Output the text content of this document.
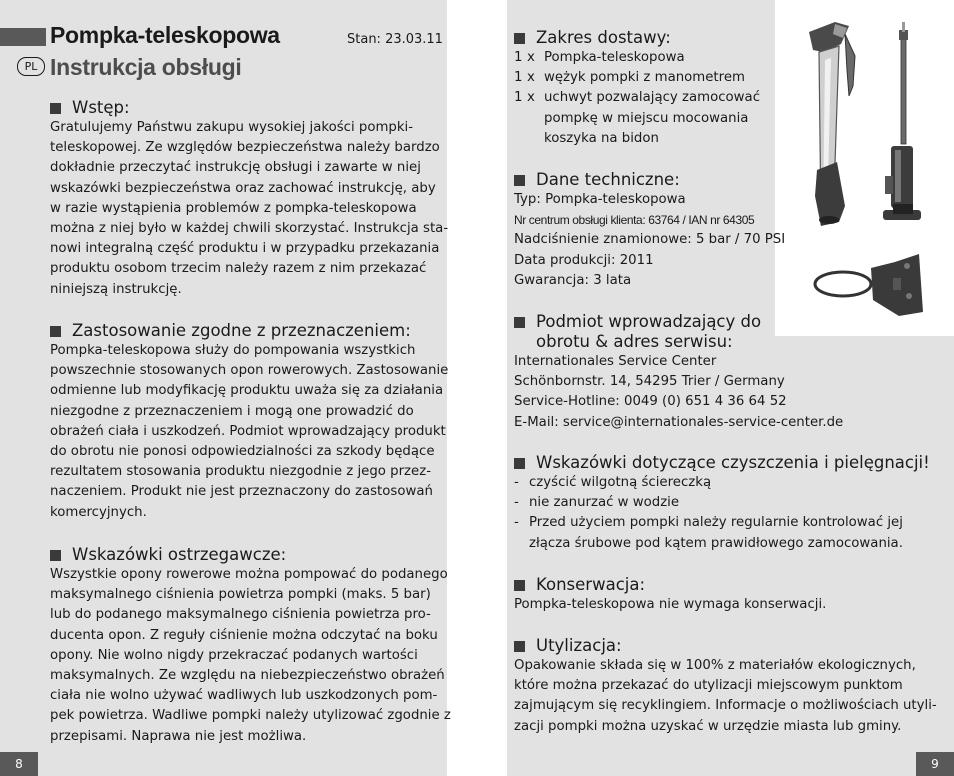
Pompka-teleskopowa
PL Instrukcja obsługi
Stan: 23.03.11
Wstęp:
Gratulujemy Państwu zakupu wysokiej jakości pompki-
teleskopowej. Ze względów bezpieczeństwa należy bardzo
dokładnie przeczytać instrukcję obsługi i zawarte w niej
wskazówki bezpieczeństwa oraz zachować instrukcję, aby
w razie wystąpienia problemów z pompka-teleskopowa
można z niej było w każdej chwili skorzystać. Instrukcja sta-
nowi integralną część produktu i w przypadku przekazania
produktu osobom trzecim należy razem z nim przekazać
niniejszą instrukcję.
Zastosowanie zgodne z przeznaczeniem:
Pompka-teleskopowa służy do pompowania wszystkich
powszechnie stosowanych opon rowerowych. Zastosowanie
odmienne lub modyfikację produktu uważa się za działania
niezgodne z przeznaczeniem i mogą one prowadzić do
obrażeń ciała i uszkodzeń. Podmiot wprowadzający produkt
do obrotu nie ponosi odpowiedzialności za szkody będące
rezultatem stosowania produktu niezgodnie z jego przez-
naczeniem. Produkt nie jest przeznaczony do zastosowań
komercyjnych.
Wskazówki ostrzegawcze:
Wszystkie opony rowerowe można pompować do podanego
maksymalnego ciśnienia powietrza pompki (maks. 5 bar)
lub do podanego maksymalnego ciśnienia powietrza pro-
ducenta opon. Z reguły ciśnienie można odczytać na boku
opony. Nie wolno nigdy przekraczać podanych wartości
maksymalnych. Ze względu na niebezpieczeństwo obrażeń
ciała nie wolno używać wadliwych lub uszkodzonych pom-
pek powietrza. Wadliwe pompki należy utylizować zgodnie z
przepisami. Naprawa nie jest możliwa.
8
Zakres dostawy:
1 x Pompka-teleskopowa
1 x wężyk pompki z manometrem
1 x uchwyt pozwalający zamocować
pompkę w miejscu mocowania
koszyka na bidon
Dane techniczne:
Typ: Pompka-teleskopowa
Nr centrum obsługi klienta: 63764 / IAN nr 64305
Nadciśnienie znamionowe: 5 bar / 70 PSI
Data produkcji: 2011
Gwarancja: 3 lata
Podmiot wprowadzający do
obrotu & adres serwisu:
Internationales Service Center
Schönbornstr. 14, 54295 Trier / Germany
Service-Hotline: 0049 (0) 651 4 36 64 52
E-Mail: service@internationales-service-center.de
Wskazówki dotyczące czyszczenia i pielęgnacji!
- czyścić wilgotną ściereczką
- nie zanurzać w wodzie
- Przed użyciem pompki należy regularnie kontrolować jej
złącza śrubowe pod kątem prawidłowego zamocowania.
Konserwacja:
Pompka-teleskopowa nie wymaga konserwacji.
Utylizacja:
Opakowanie składa się w 100% z materiałów ekologicznych,
które można przekazać do utylizacji miejscowym punktom
zajmującym się recyklingiem. Informacje o możliwościach utyli-
zacji pompki można uzyskać w urzędzie miasta lub gminy.
9
